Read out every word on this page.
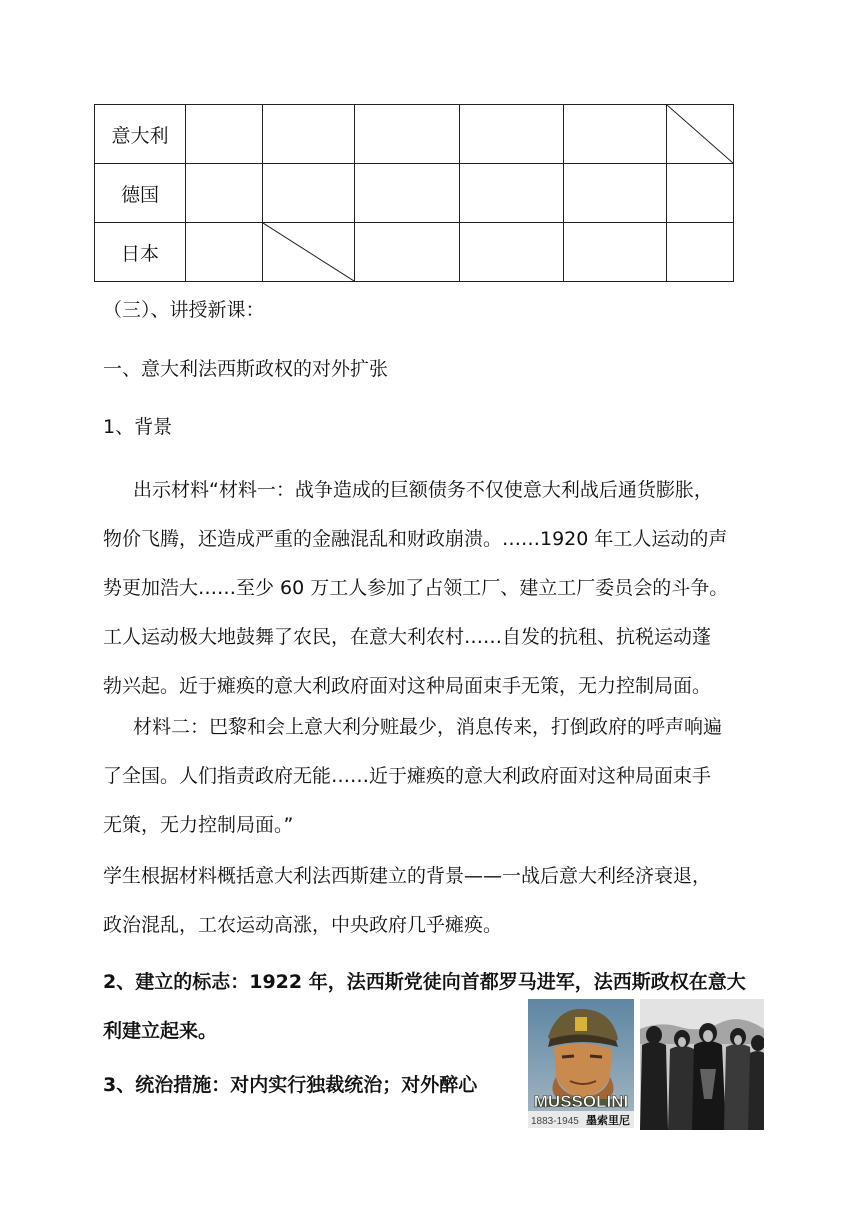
意大利						

德国						
日本		

（三）、讲授新课：
一、意大利法西斯政权的对外扩张
1、背景
出示材料“材料一：战争造成的巨额债务不仅使意大利战后通货膨胀，
物价飞腾，还造成严重的金融混乱和财政崩溃。……1920 年工人运动的声
势更加浩大……至少 60 万工人参加了占领工厂、建立工厂委员会的斗争。
工人运动极大地鼓舞了农民，在意大利农村……自发的抗租、抗税运动蓬
勃兴起。近于瘫痪的意大利政府面对这种局面束手无策，无力控制局面。
材料二：巴黎和会上意大利分赃最少，消息传来，打倒政府的呼声响遍
了全国。人们指责政府无能……近于瘫痪的意大利政府面对这种局面束手
无策，无力控制局面。”
学生根据材料概括意大利法西斯建立的背景——一战后意大利经济衰退，
政治混乱，工农运动高涨，中央政府几乎瘫痪。
2、建立的标志：1922 年，法西斯党徒向首都罗马进军，法西斯政权在意大
利建立起来。
3、统治措施：对内实行独裁统治；对外醉心
MUSSOLINI
1883-1945 墨索里尼
